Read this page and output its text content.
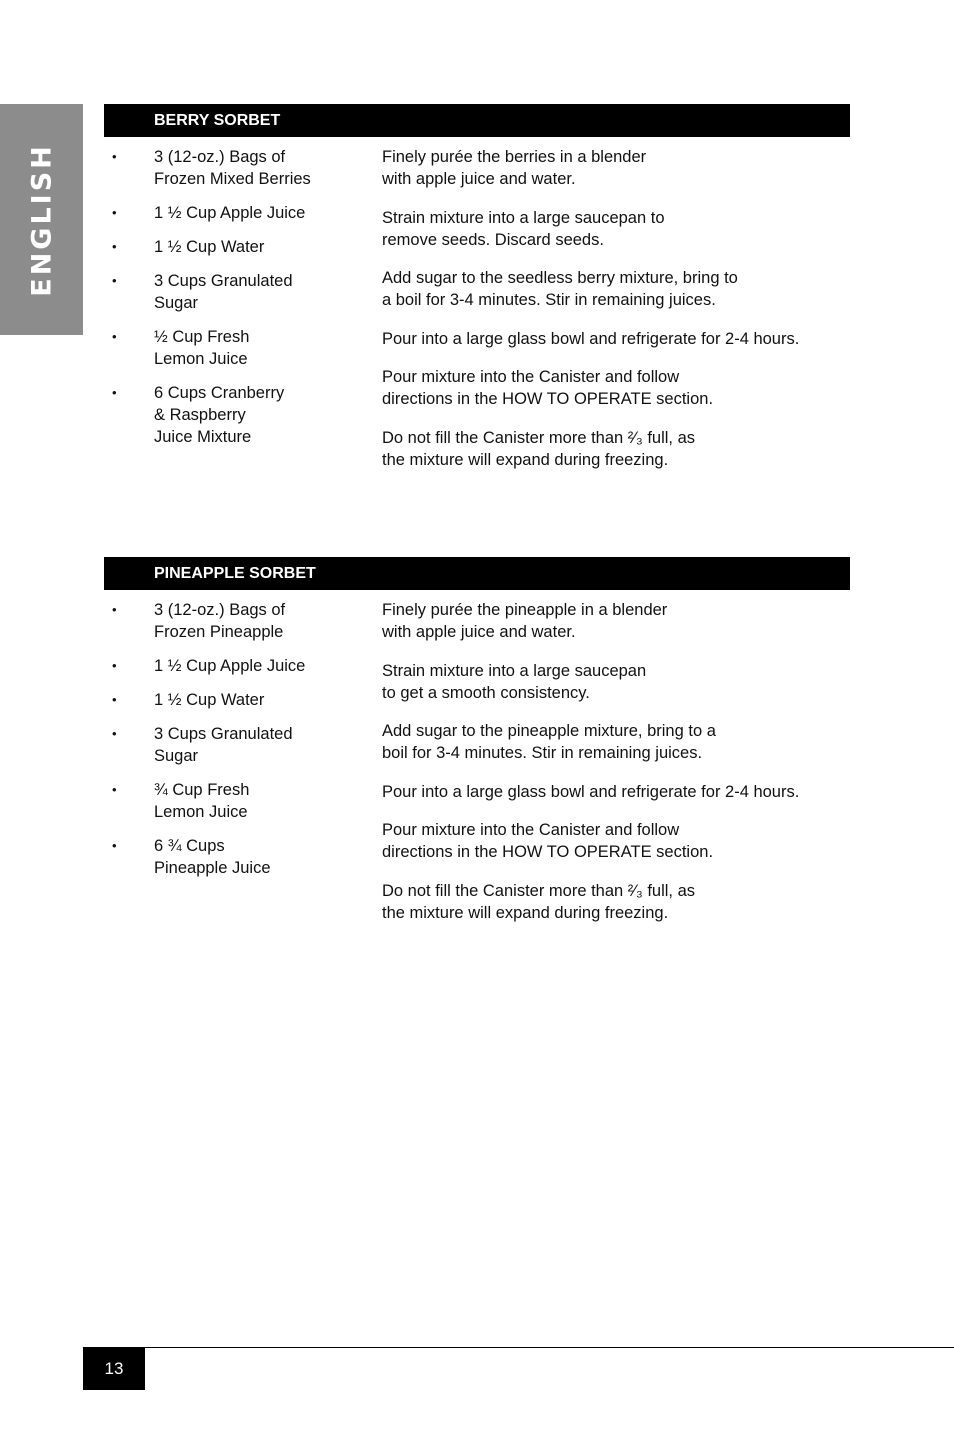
ENGLISH
BERRY SORBET
• 3 (12-oz.) Bags of
Frozen Mixed Berries
• 1 ½ Cup Apple Juice
• 1 ½ Cup Water
• 3 Cups Granulated
Sugar
• ½ Cup Fresh
Lemon Juice
• 6 Cups Cranberry
& Raspberry
Juice Mixture

Finely purée the berries in a blender
with apple juice and water.

Strain mixture into a large saucepan to
remove seeds. Discard seeds.

Add sugar to the seedless berry mixture, bring to
a boil for 3-4 minutes. Stir in remaining juices.

Pour into a large glass bowl and refrigerate for 2-4 hours.

Pour mixture into the Canister and follow
directions in the HOW TO OPERATE section.

Do not fill the Canister more than ²⁄₃ full, as
the mixture will expand during freezing.

PINEAPPLE SORBET
• 3 (12-oz.) Bags of
Frozen Pineapple
• 1 ½ Cup Apple Juice
• 1 ½ Cup Water
• 3 Cups Granulated
Sugar
• ¾ Cup Fresh
Lemon Juice
• 6 ¾ Cups
Pineapple Juice

Finely purée the pineapple in a blender
with apple juice and water.

Strain mixture into a large saucepan
to get a smooth consistency.

Add sugar to the pineapple mixture, bring to a
boil for 3-4 minutes. Stir in remaining juices.

Pour into a large glass bowl and refrigerate for 2-4 hours.

Pour mixture into the Canister and follow
directions in the HOW TO OPERATE section.

Do not fill the Canister more than ²⁄₃ full, as
the mixture will expand during freezing.

13
